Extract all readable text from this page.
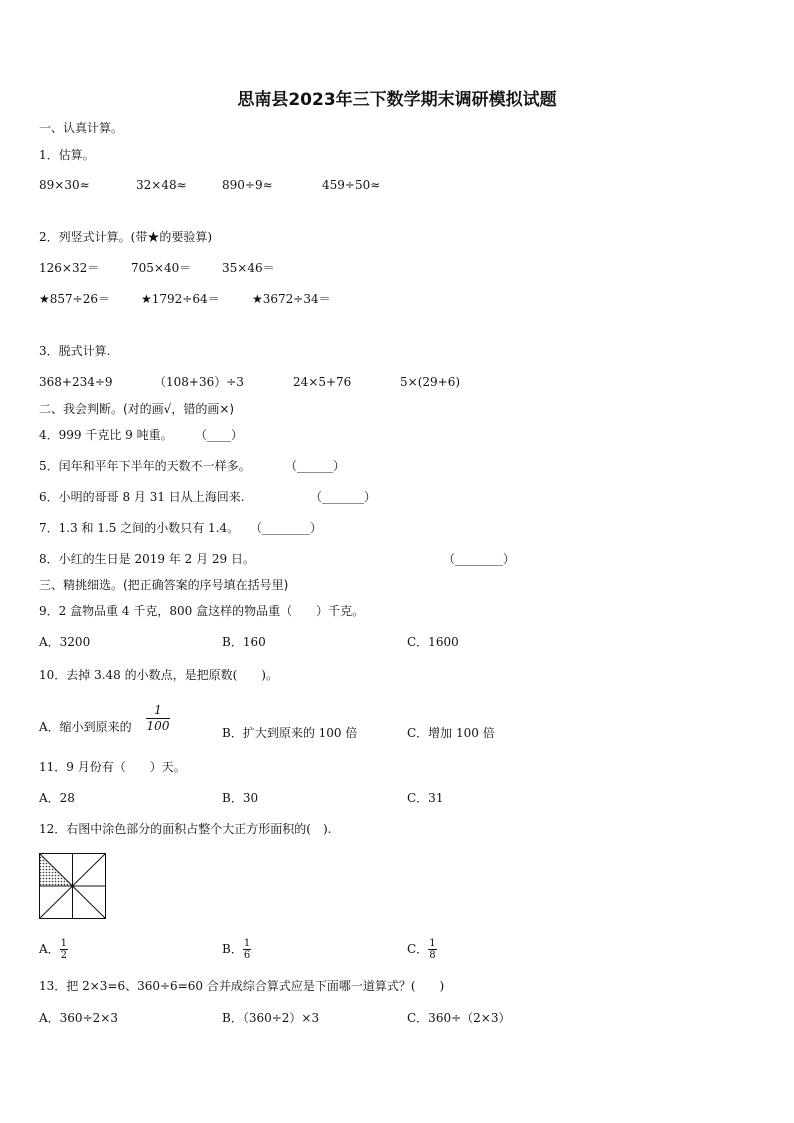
思南县2023年三下数学期末调研模拟试题
一、认真计算。
1．估算。
89×30≈	32×48≈	890÷9≈	459÷50≈
2．列竖式计算。(带★的要验算)
126×32＝	705×40＝	35×46＝
★857÷26＝	★1792÷64＝	★3672÷34＝
3．脱式计算.
368+234÷9	（108+36）÷3	24×5+76	5×(29+6)
二、我会判断。(对的画√，错的画×)
4．999 千克比 9 吨重。 （____）
5．闰年和平年下半年的天数不一样多。	（______）
6．小明的哥哥 8 月 31 日从上海回来.	（_______）
7．1.3 和 1.5 之间的小数只有 1.4。 （________）
8．小红的生日是 2019 年 2 月 29 日。	（________）
三、精挑细选。(把正确答案的序号填在括号里)
9．2 盒物品重 4 千克，800 盒这样的物品重（　　）千克。
A．3200	B．160	C．1600
10．去掉 3.48 的小数点，是把原数(　　)。
A．缩小到原来的
1
100	B．扩大到原来的 100 倍	C．增加 100 倍
11．9 月份有（　　）天。
A．28	B．30	C．31
12．右图中涂色部分的面积占整个大正方形面积的(　).
A． $\frac{1}{2}$	B． $\frac{1}{6}$	C． $\frac{1}{8}$
13．把 2×3=6、360÷6=60 合并成综合算式应是下面哪一道算式？(　　)
A．360÷2×3	B．（360÷2）×3	C．360÷（2×3）
